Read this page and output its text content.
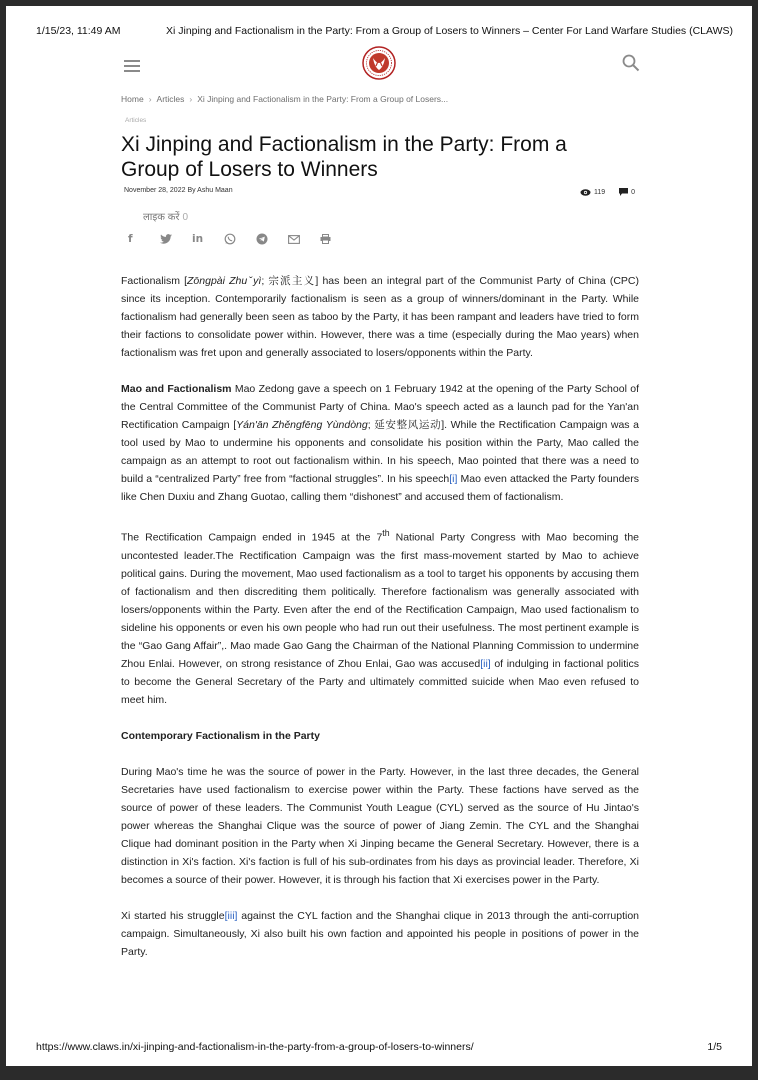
1/15/23, 11:49 AM	Xi Jinping and Factionalism in the Party: From a Group of Losers to Winners – Center For Land Warfare Studies (CLAWS)
Home › Articles › Xi Jinping and Factionalism in the Party: From a Group of Losers...
Articles
Xi Jinping and Factionalism in the Party: From a Group of Losers to Winners
November 28, 2022 By Ashu Maan	119
	0
लाइक करें 0
f	in

Factionalism [Zōngpài Zhuˇyì; 宗派主义] has been an integral part of the Communist Party of China (CPC) since its inception. Contemporarily factionalism is seen as a group of winners/dominant in the Party. While factionalism had generally been seen as taboo by the Party, it has been rampant and leaders have tried to form their factions to consolidate power within. However, there was a time (especially during the Mao years) when factionalism was fret upon and generally associated to losers/opponents within the Party.

Mao and Factionalism Mao Zedong gave a speech on 1 February 1942 at the opening of the Party School of the Central Committee of the Communist Party of China. Mao's speech acted as a launch pad for the Yan'an Rectification Campaign [Yán'ān Zhěngfēng Yùndòng; 延安整风运动]. While the Rectification Campaign was a tool used by Mao to undermine his opponents and consolidate his position within the Party, Mao called the campaign as an attempt to root out factionalism within. In his speech, Mao pointed that there was a need to build a “centralized Party” free from “factional struggles”. In his speech[i] Mao even attacked the Party founders like Chen Duxiu and Zhang Guotao, calling them “dishonest” and accused them of factionalism.

The Rectification Campaign ended in 1945 at the 7th National Party Congress with Mao becoming the uncontested leader.The Rectification Campaign was the first mass-movement started by Mao to achieve political gains. During the movement, Mao used factionalism as a tool to target his opponents by accusing them of factionalism and then discrediting them politically. Therefore factionalism was generally associated with losers/opponents within the Party. Even after the end of the Rectification Campaign, Mao used factionalism to sideline his opponents or even his own people who had run out their usefulness. The most pertinent example is the “Gao Gang Affair”,. Mao made Gao Gang the Chairman of the National Planning Commission to undermine Zhou Enlai. However, on strong resistance of Zhou Enlai, Gao was accused[ii] of indulging in factional politics to become the General Secretary of the Party and ultimately committed suicide when Mao even refused to meet him.

Contemporary Factionalism in the Party

During Mao's time he was the source of power in the Party. However, in the last three decades, the General Secretaries have used factionalism to exercise power within the Party. These factions have served as the source of power of these leaders. The Communist Youth League (CYL) served as the source of Hu Jintao's power whereas the Shanghai Clique was the source of power of Jiang Zemin. The CYL and the Shanghai Clique had dominant position in the Party when Xi Jinping became the General Secretary. However, there is a distinction in Xi's faction. Xi's faction is full of his sub-ordinates from his days as provincial leader. Therefore, Xi becomes a source of their power. However, it is through his faction that Xi exercises power in the Party.

Xi started his struggle[iii] against the CYL faction and the Shanghai clique in 2013 through the anti-corruption campaign. Simultaneously, Xi also built his own faction and appointed his people in positions of power in the Party.

https://www.claws.in/xi-jinping-and-factionalism-in-the-party-from-a-group-of-losers-to-winners/	1/5
